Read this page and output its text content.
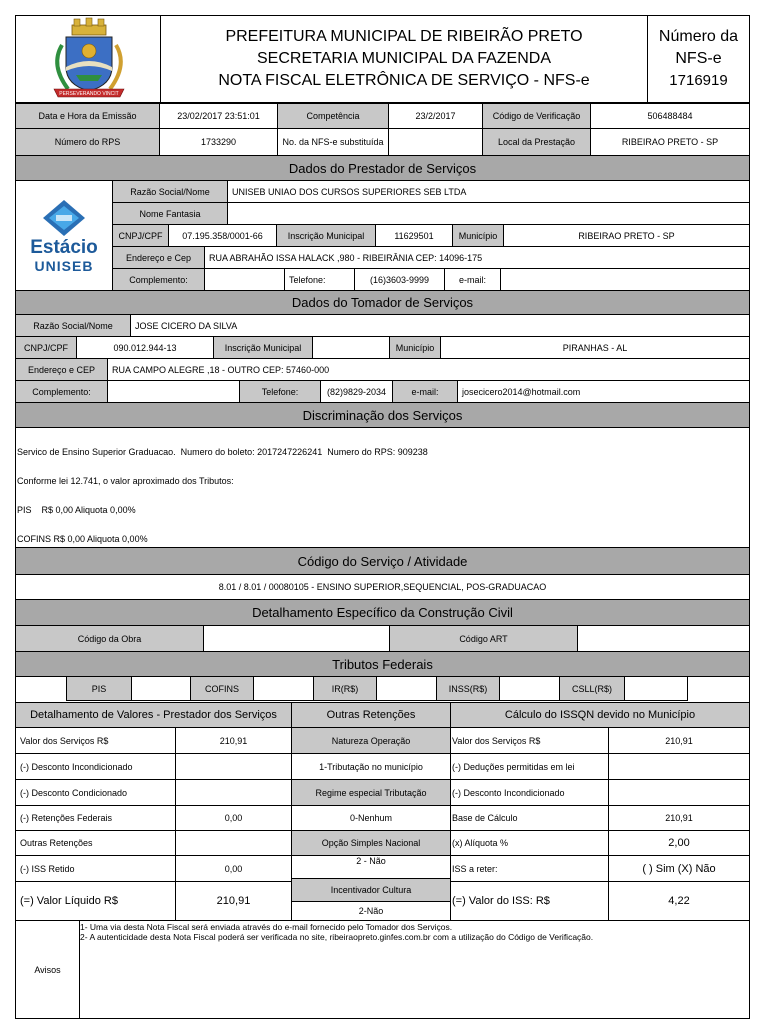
PERSEVERANDO VINCIT
PREFEITURA MUNICIPAL DE RIBEIRÃO PRETO
SECRETARIA MUNICIPAL DA FAZENDA
NOTA FISCAL ELETRÔNICA DE SERVIÇO - NFS-e
Número da
NFS-e
1716919
Data e Hora da Emissão	23/02/2017 23:51:01	Competência	23/2/2017	Código de Verificação	506488484
Número do RPS	1733290	No. da NFS-e substituída	Local da Prestação	RIBEIRAO PRETO - SP
Dados do Prestador de Serviços
Estácio
UNISEB
Razão Social/Nome	UNISEB UNIAO DOS CURSOS SUPERIORES SEB LTDA
Nome Fantasia
CNPJ/CPF	07.195.358/0001-66	Inscrição Municipal	11629501	Município	RIBEIRAO PRETO - SP
Endereço e Cep	RUA ABRAHÃO ISSA HALACK ,980 - RIBEIRÂNIA CEP: 14096-175
Complemento:	Telefone:	(16)3603-9999	e-mail:
Dados do Tomador de Serviços
Razão Social/Nome	JOSE CICERO DA SILVA
CNPJ/CPF	090.012.944-13	Inscrição Municipal	Município	PIRANHAS - AL
Endereço e CEP	RUA CAMPO ALEGRE ,18 - OUTRO CEP: 57460-000
Complemento:	Telefone:	(82)9829-2034	e-mail:	josecicero2014@hotmail.com
Discriminação dos Serviços

Servico de Ensino Superior Graduacao.  Numero do boleto: 2017247226241  Numero do RPS: 909238

Conforme lei 12.741, o valor aproximado dos Tributos:

PIS    R$ 0,00 Aliquota 0,00%

COFINS R$ 0,00 Aliquota 0,00%

Código do Serviço / Atividade
8.01 / 8.01 / 00080105 - ENSINO SUPERIOR,SEQUENCIAL, POS-GRADUACAO
Detalhamento Específico da Construção Civil
Código da Obra	Código ART
Tributos Federais
PIS	COFINS	IR(R$)	INSS(R$)	CSLL(R$)
Detalhamento de Valores - Prestador dos Serviços	Outras Retenções	Cálculo do ISSQN devido no Município
Valor dos Serviços R$	210,91
(-) Desconto Incondicionado
(-) Desconto Condicionado
(-) Retenções Federais	0,00
Outras Retenções
(-) ISS Retido	0,00
(=) Valor Líquido R$	210,91
Natureza Operação
1-Tributação no município
Regime especial Tributação
0-Nenhum
Opção Simples Nacional
2 - Não
Incentivador Cultura
2-Não
Valor dos Serviços R$	210,91
(-) Deduções permitidas em lei
(-) Desconto Incondicionado
Base de Cálculo	210,91
(x) Alíquota %	2,00
ISS a reter:	( ) Sim (X) Não
(=) Valor do ISS: R$	4,22
Avisos
1- Uma via desta Nota Fiscal será enviada através do e-mail fornecido pelo Tomador dos Serviços.
2- A autenticidade desta Nota Fiscal poderá ser verificada no site, ribeiraopreto.ginfes.com.br com a utilização do Código de Verificação.
